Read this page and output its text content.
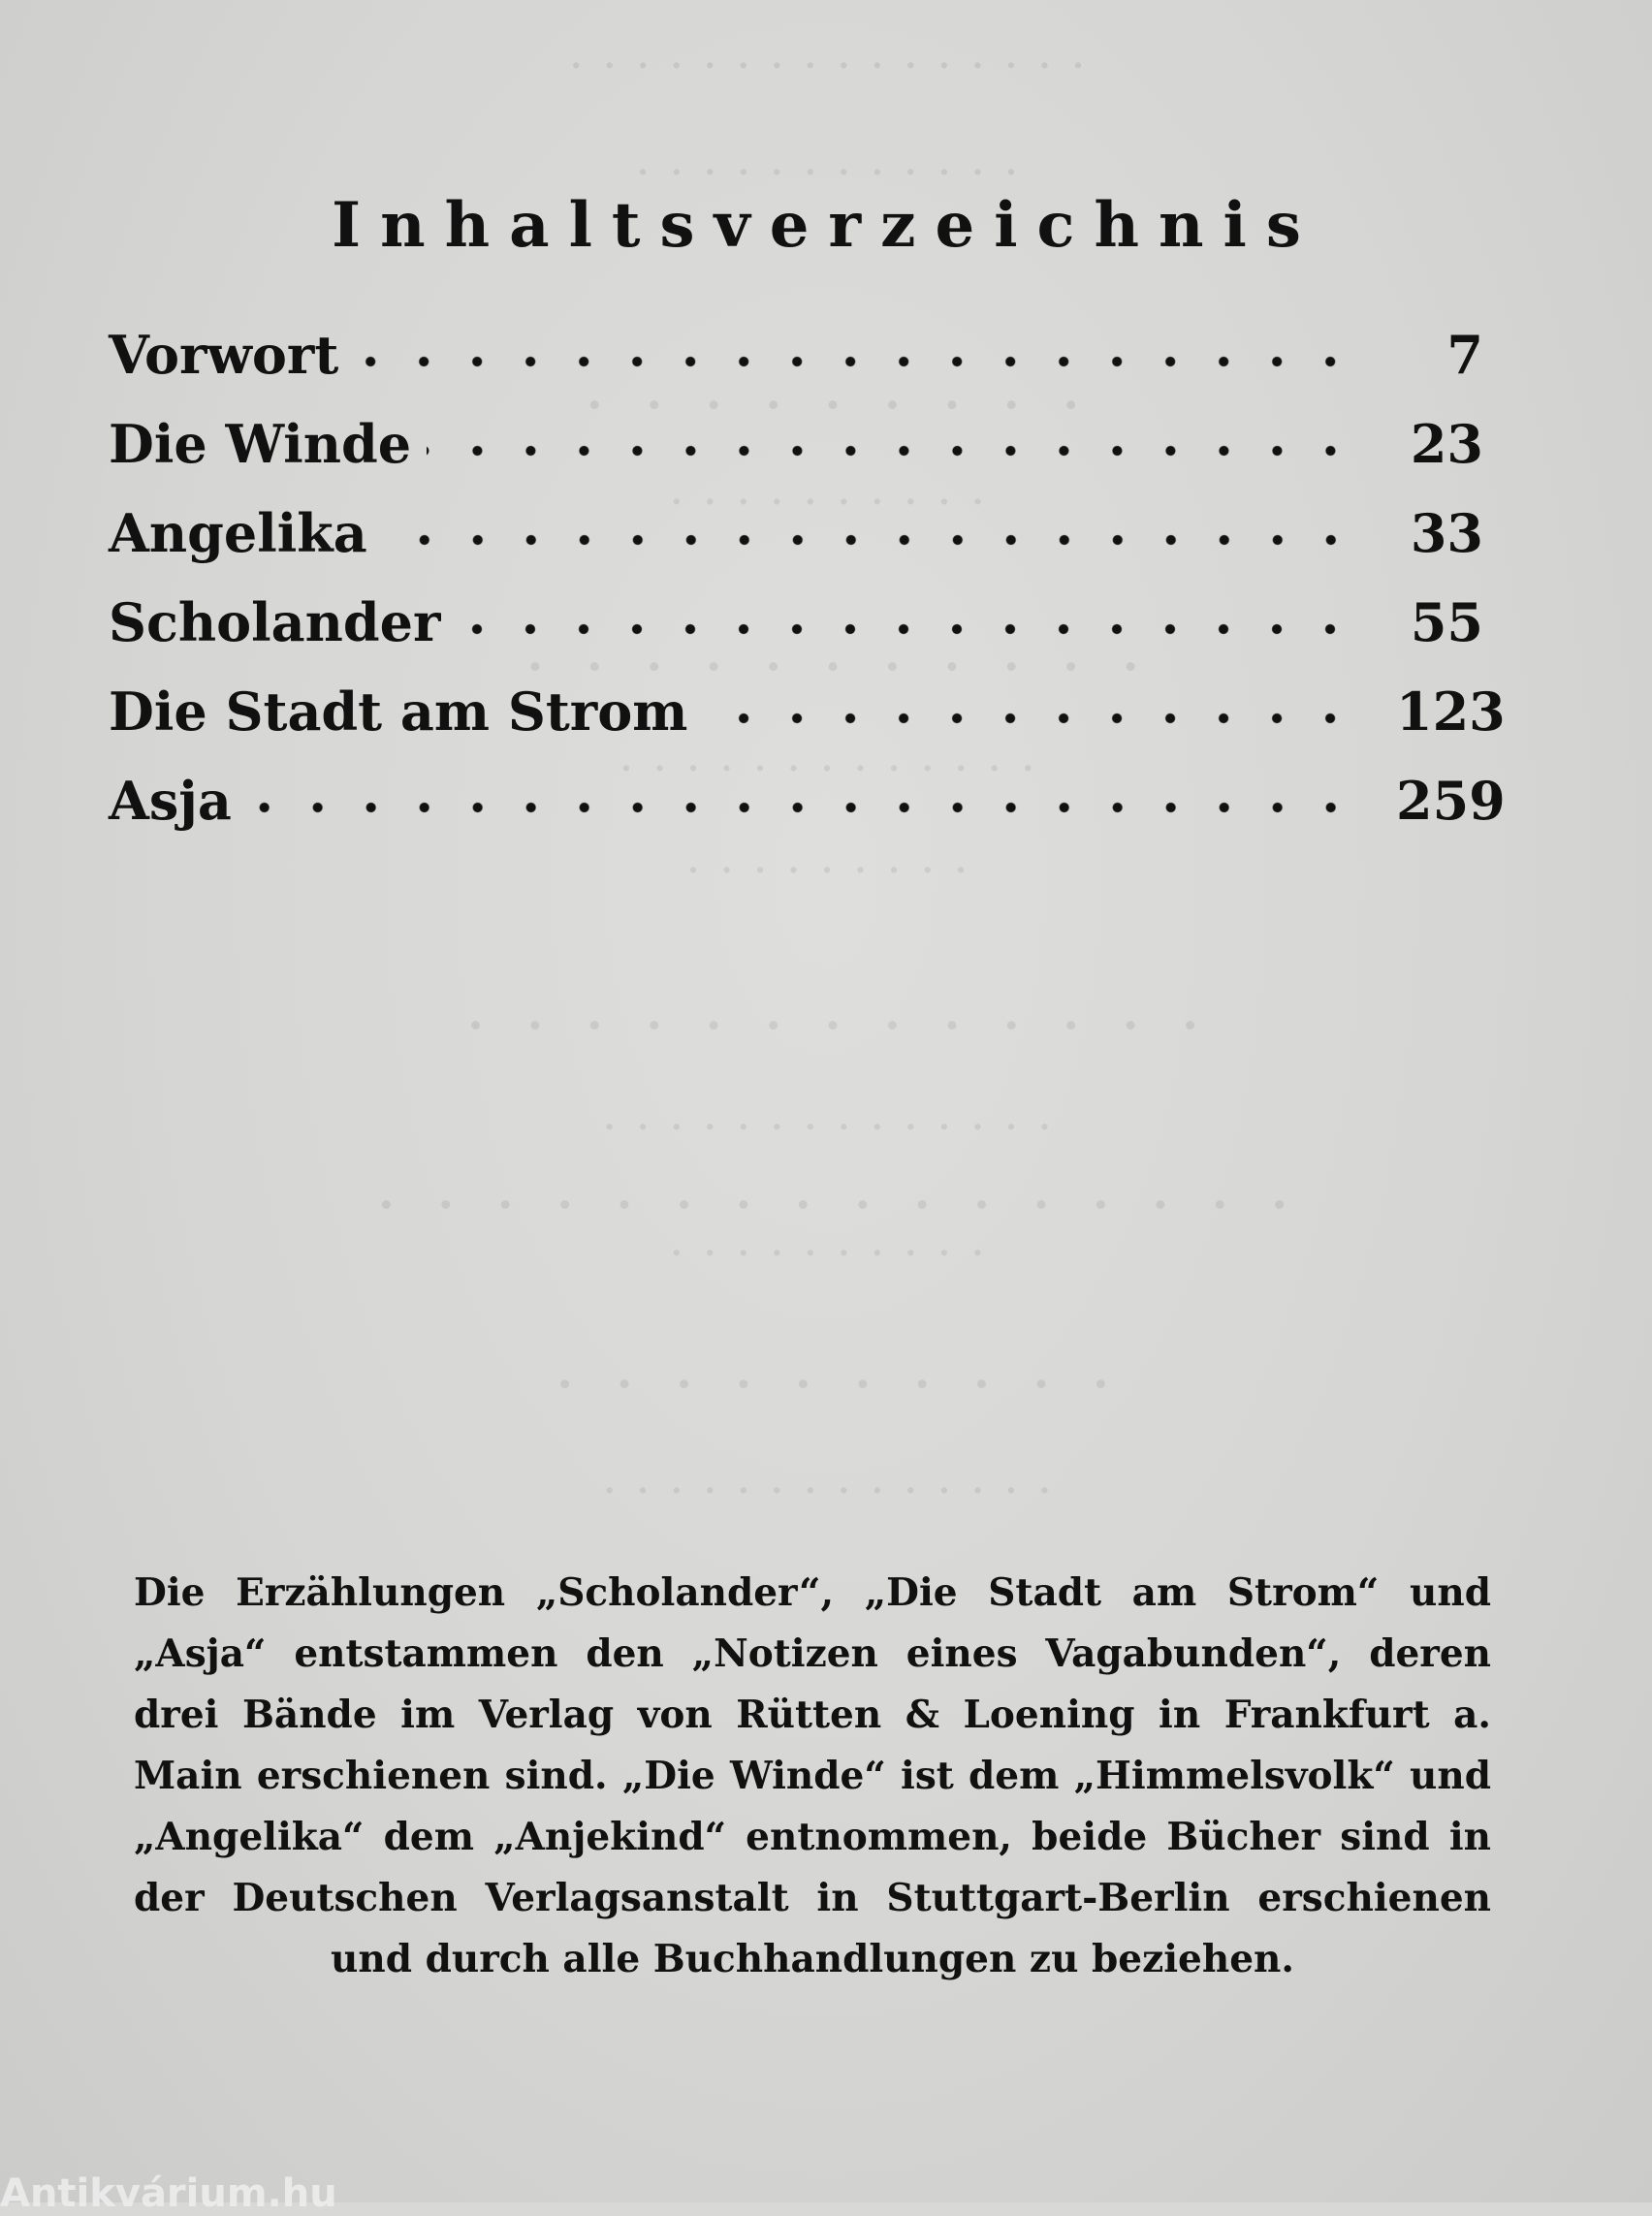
· · · · · · · · · · · · · · · ·
· · · · · · · · · · · ·
· · · · · · · · ·
· · · · · · · · · ·
· · · · · · · · · · ·
· · · · · · · · · · · · ·
· · · · · · · · ·
· · · · · · · · · · · · ·
· · · · · · · · · · · · · ·
· · · · · · · · · · · · · · · ·
· · · · · · · · · ·
· · · · · · · · · ·
· · · · · · · · · · · · · ·
Inhaltsverzeichnis
Vorwort	7
Die Winde	23
Angelika	33
Scholander	55
Die Stadt am Strom	123
Asja	259

Die Erzählungen „Scholander“, „Die Stadt am Strom“ und „Asja“ entstammen den „Notizen eines Vagabunden“, deren drei Bände im Verlag von Rütten & Loening in Frankfurt a. Main erschienen sind. „Die Winde“ ist dem „Himmelsvolk“ und „Angelika“ dem „Anjekind“ entnommen, beide Bücher sind in der Deutschen Verlagsanstalt in Stuttgart-Berlin erschienen und durch alle Buchhandlungen zu beziehen.

Antikvárium.hu
